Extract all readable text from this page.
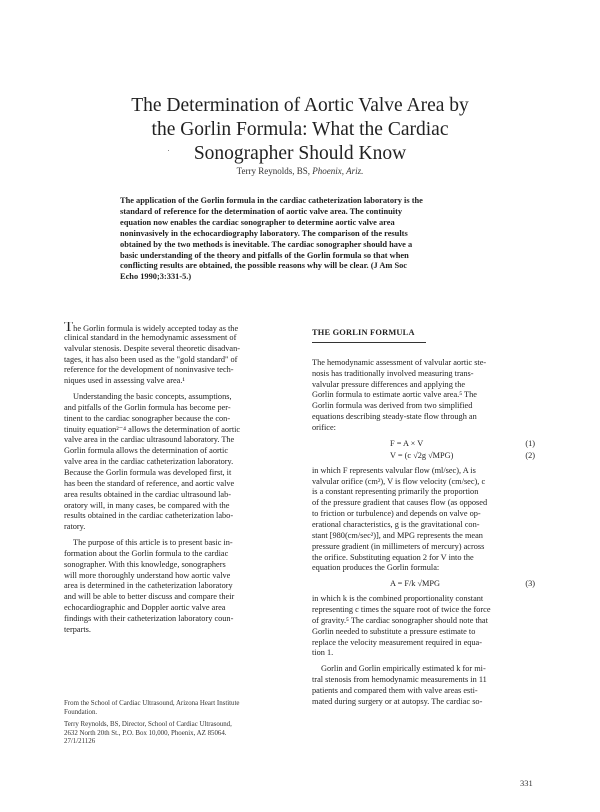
The Determination of Aortic Valve Area by
the Gorlin Formula: What the Cardiac
Sonographer Should Know
Terry Reynolds, BS, Phoenix, Ariz.
The application of the Gorlin formula in the cardiac catheterization laboratory is the
standard of reference for the determination of aortic valve area. The continuity
equation now enables the cardiac sonographer to determine aortic valve area
noninvasively in the echocardiography laboratory. The comparison of the results
obtained by the two methods is inevitable. The cardiac sonographer should have a
basic understanding of the theory and pitfalls of the Gorlin formula so that when
conflicting results are obtained, the possible reasons why will be clear. (J Am Soc
Echo 1990;3:331-5.)
The Gorlin formula is widely accepted today as the
clinical standard in the hemodynamic assessment of
valvular stenosis. Despite several theoretic disadvan-
tages, it has also been used as the "gold standard" of
reference for the development of noninvasive tech-
niques used in assessing valve area.¹
Understanding the basic concepts, assumptions,
and pitfalls of the Gorlin formula has become per-
tinent to the cardiac sonographer because the con-
tinuity equation²⁻⁴ allows the determination of aortic
valve area in the cardiac ultrasound laboratory. The
Gorlin formula allows the determination of aortic
valve area in the cardiac catheterization laboratory.
Because the Gorlin formula was developed first, it
has been the standard of reference, and aortic valve
area results obtained in the cardiac ultrasound lab-
oratory will, in many cases, be compared with the
results obtained in the cardiac catheterization labo-
ratory.
The purpose of this article is to present basic in-
formation about the Gorlin formula to the cardiac
sonographer. With this knowledge, sonographers
will more thoroughly understand how aortic valve
area is determined in the catheterization laboratory
and will be able to better discuss and compare their
echocardiographic and Doppler aortic valve area
findings with their catheterization laboratory coun-
terparts.
From the School of Cardiac Ultrasound, Arizona Heart Institute
Foundation.
Terry Reynolds, BS, Director, School of Cardiac Ultrasound,
2632 North 20th St., P.O. Box 10,000, Phoenix, AZ 85064.
27/1/21126
THE GORLIN FORMULA
The hemodynamic assessment of valvular aortic ste-
nosis has traditionally involved measuring trans-
valvular pressure differences and applying the
Gorlin formula to estimate aortic valve area.⁵ The
Gorlin formula was derived from two simplified
equations describing steady-state flow through an
orifice:
F = A × V	(1)
V = (c √2g √MPG)	(2)
in which F represents valvular flow (ml/sec), A is
valvular orifice (cm²), V is flow velocity (cm/sec), c
is a constant representing primarily the proportion
of the pressure gradient that causes flow (as opposed
to friction or turbulence) and depends on valve op-
erational characteristics, g is the gravitational con-
stant [980(cm/sec²)], and MPG represents the mean
pressure gradient (in millimeters of mercury) across
the orifice. Substituting equation 2 for V into the
equation produces the Gorlin formula:
A = F/k √MPG	(3)
in which k is the combined proportionality constant
representing c times the square root of twice the force
of gravity.⁵ The cardiac sonographer should note that
Gorlin needed to substitute a pressure estimate to
replace the velocity measurement required in equa-
tion 1.
Gorlin and Gorlin empirically estimated k for mi-
tral stenosis from hemodynamic measurements in 11
patients and compared them with valve areas esti-
mated during surgery or at autopsy. The cardiac so-
331
